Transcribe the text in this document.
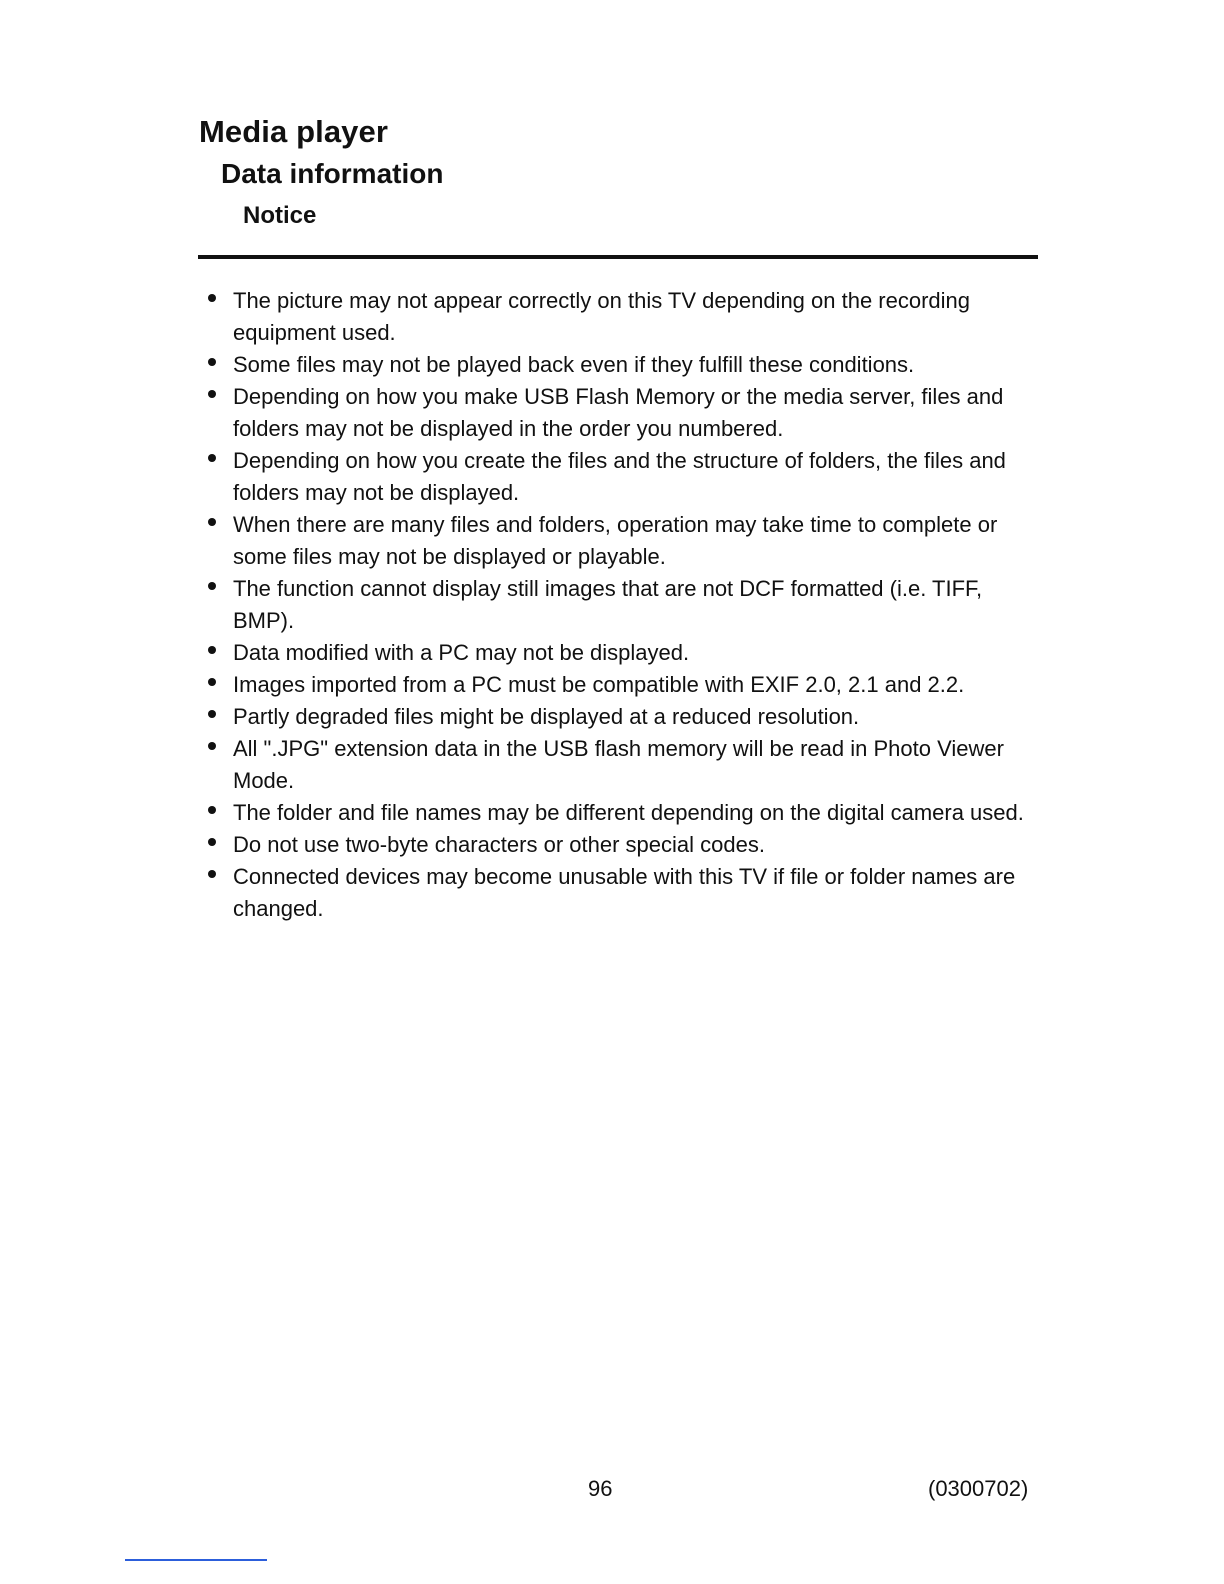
Media player
Data information
Notice
The picture may not appear correctly on this TV depending on the recording equipment used.
Some files may not be played back even if they fulfill these conditions.
Depending on how you make USB Flash Memory or the media server, files and folders may not be displayed in the order you numbered.
Depending on how you create the files and the structure of folders, the files and folders may not be displayed.
When there are many files and folders, operation may take time to complete or some files may not be displayed or playable.
The function cannot display still images that are not DCF formatted (i.e. TIFF, BMP).
Data modified with a PC may not be displayed.
Images imported from a PC must be compatible with EXIF 2.0, 2.1 and 2.2.
Partly degraded files might be displayed at a reduced resolution.
All ".JPG" extension data in the USB flash memory will be read in Photo Viewer Mode.
The folder and file names may be different depending on the digital camera used.
Do not use two-byte characters or other special codes.
Connected devices may become unusable with this TV if file or folder names are changed.
96	(0300702)
